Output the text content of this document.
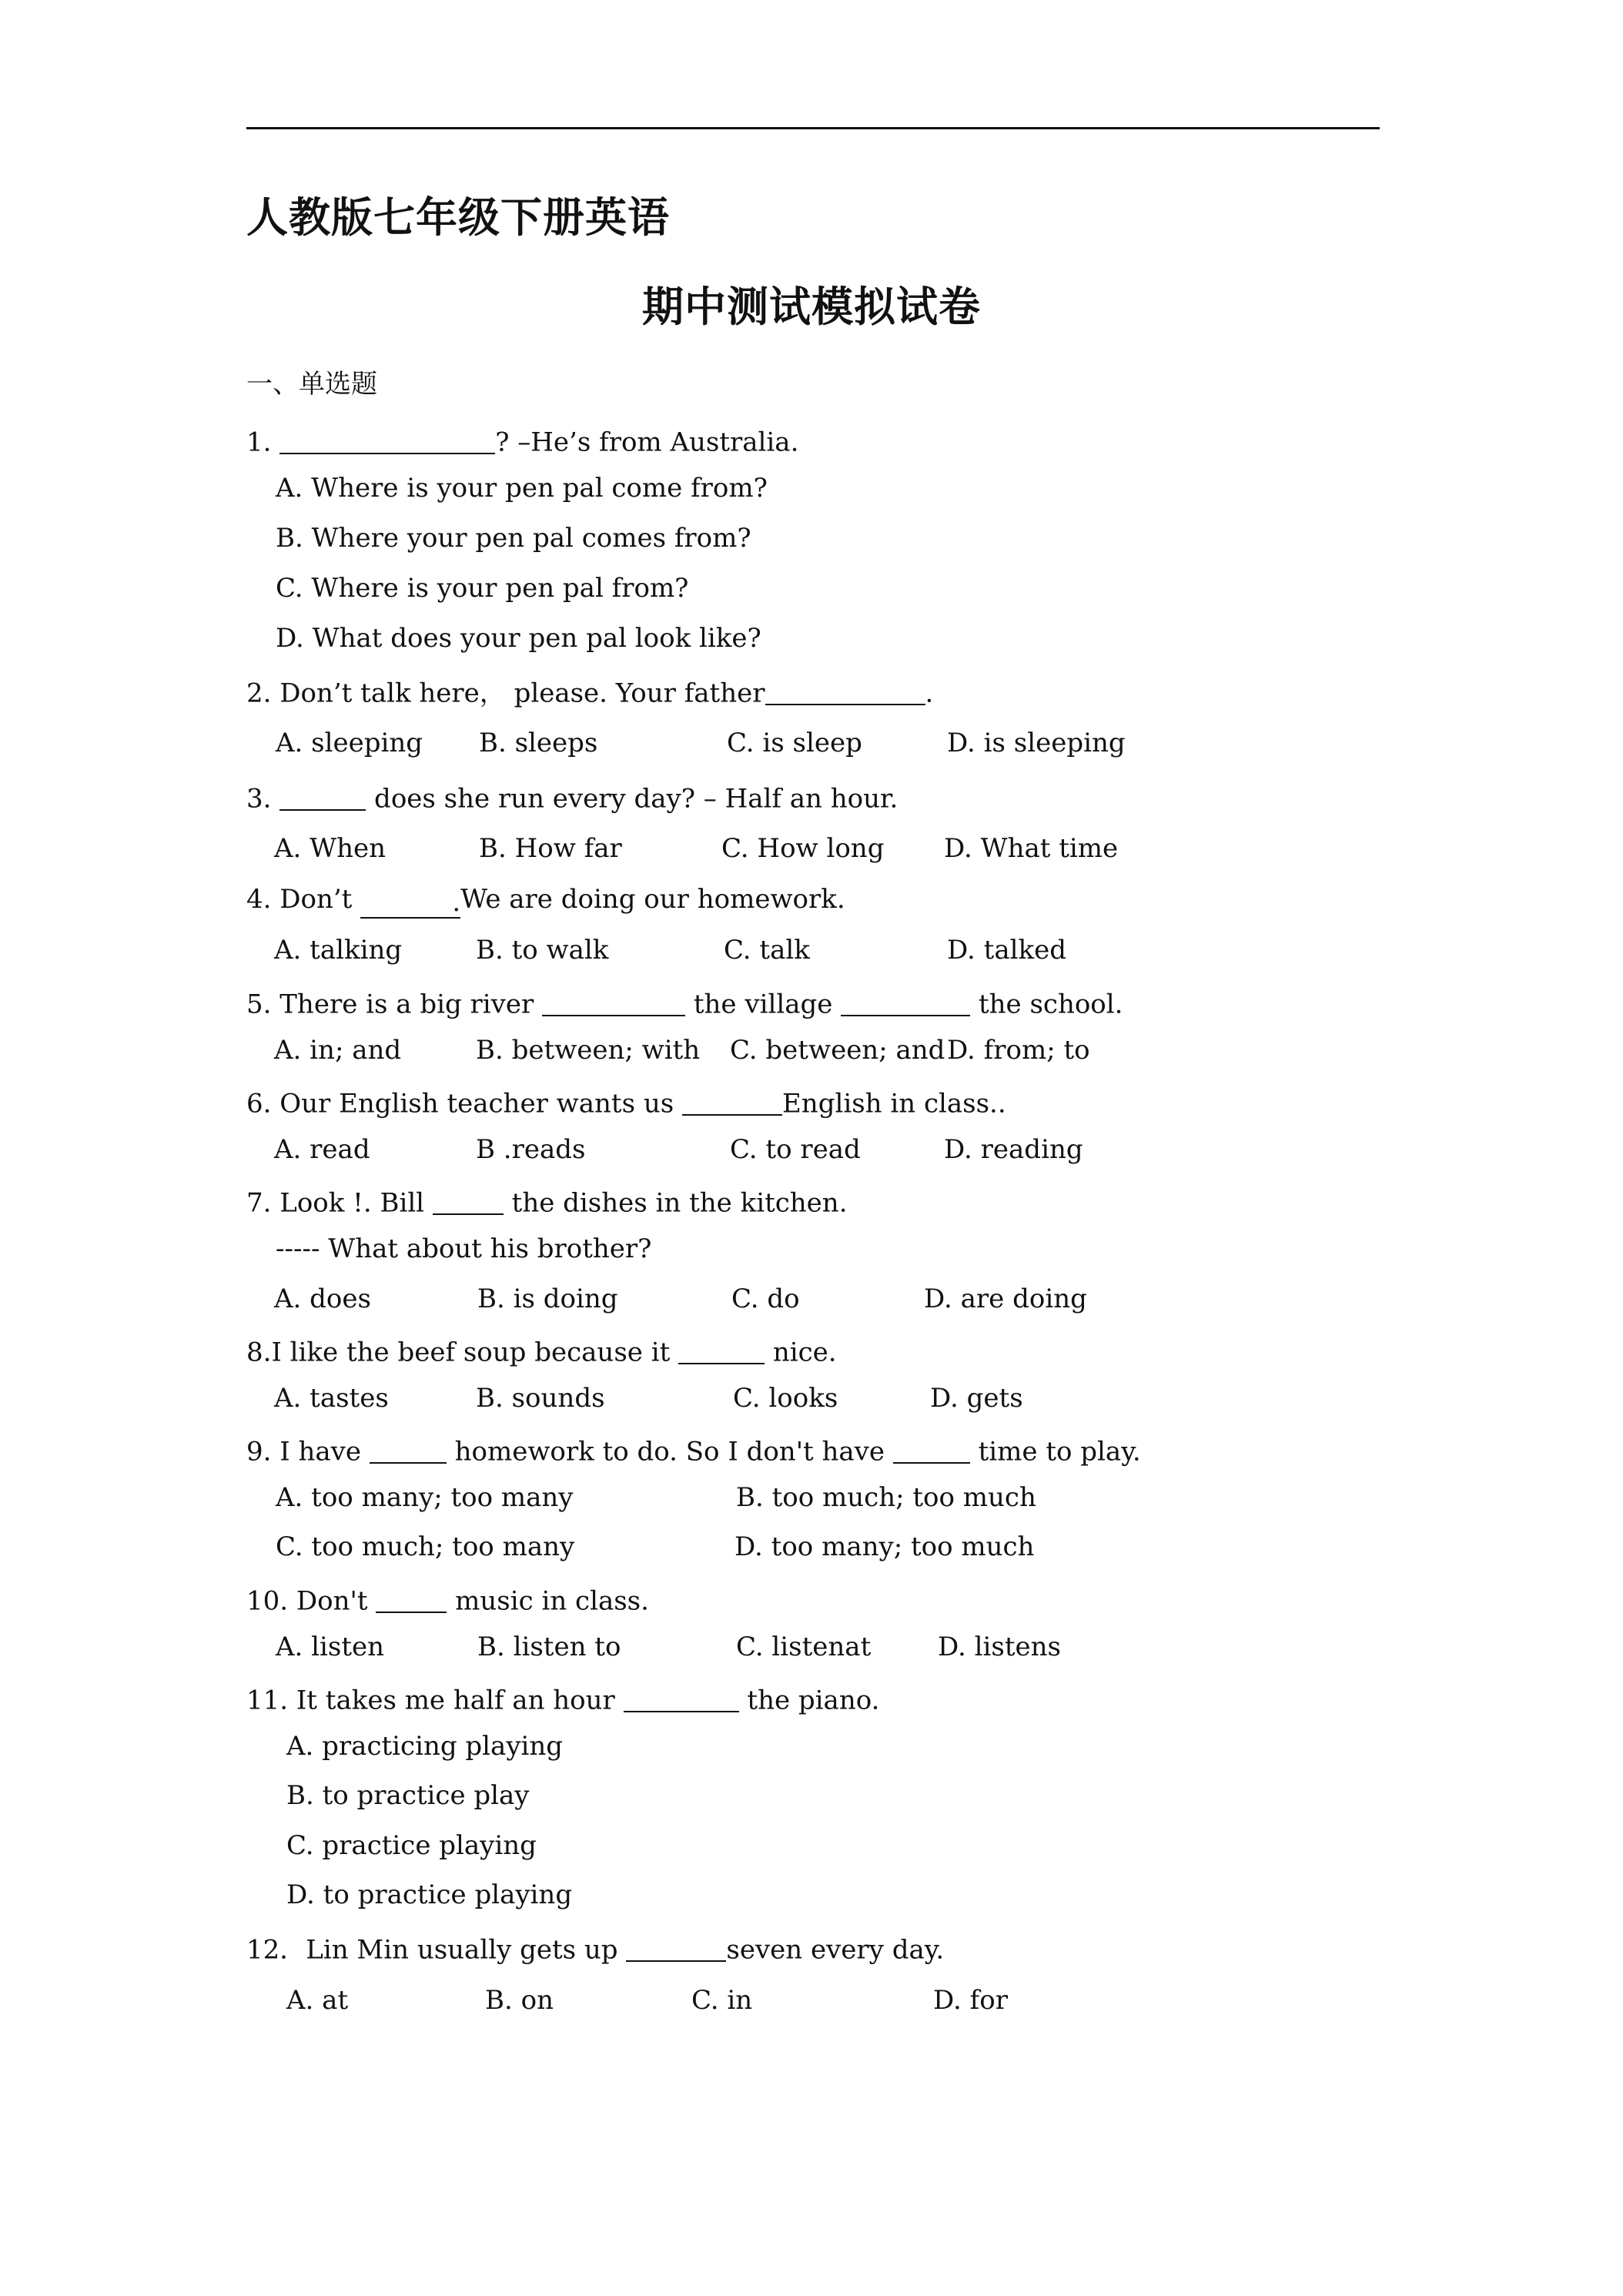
人教版七年级下册英语
期中测试模拟试卷
一、单选题
1.	? –He’s from Australia.
A. Where is your pen pal come from?
B. Where your pen pal comes from?
C. Where is your pen pal from?
D. What does your pen pal look like?
2. Don’t talk here， please. Your father	.
A. sleeping B. sleeps	C. is sleep	D. is sleeping
3.	does she run every day? – Half an hour.
A. When	B. How far	C. How long D. What time
4. Don’t	.We are doing our homework.
A. talking	B. to walk	C. talk	D. talked
5. There is a big river	the village	the school.
A. in; and	B. between; with C. between; and D. from; to
6. Our English teacher wants us	English in class..
A. read	B .reads	C. to read	D. reading
7. Look !. Bill	the dishes in the kitchen.
----- What about his brother?
A. does	B. is doing	C. do	D. are doing
8.I like the beef soup because it	nice.
A. tastes	B. sounds	C. looks	D. gets
9. I have	homework to do. So I don't have	time to play.
A. too many; too many	B. too much; too much
C. too much; too many	D. too many; too much
10. Don't	music in class.
A. listen	B. listen to	C. listenat	D. listens
11. It takes me half an hour	the piano.
A. practicing playing
B. to practice play
C. practice playing
D. to practice playing
12．Lin Min usually gets up	seven every day.
A. at	B. on	C. in	D. for
